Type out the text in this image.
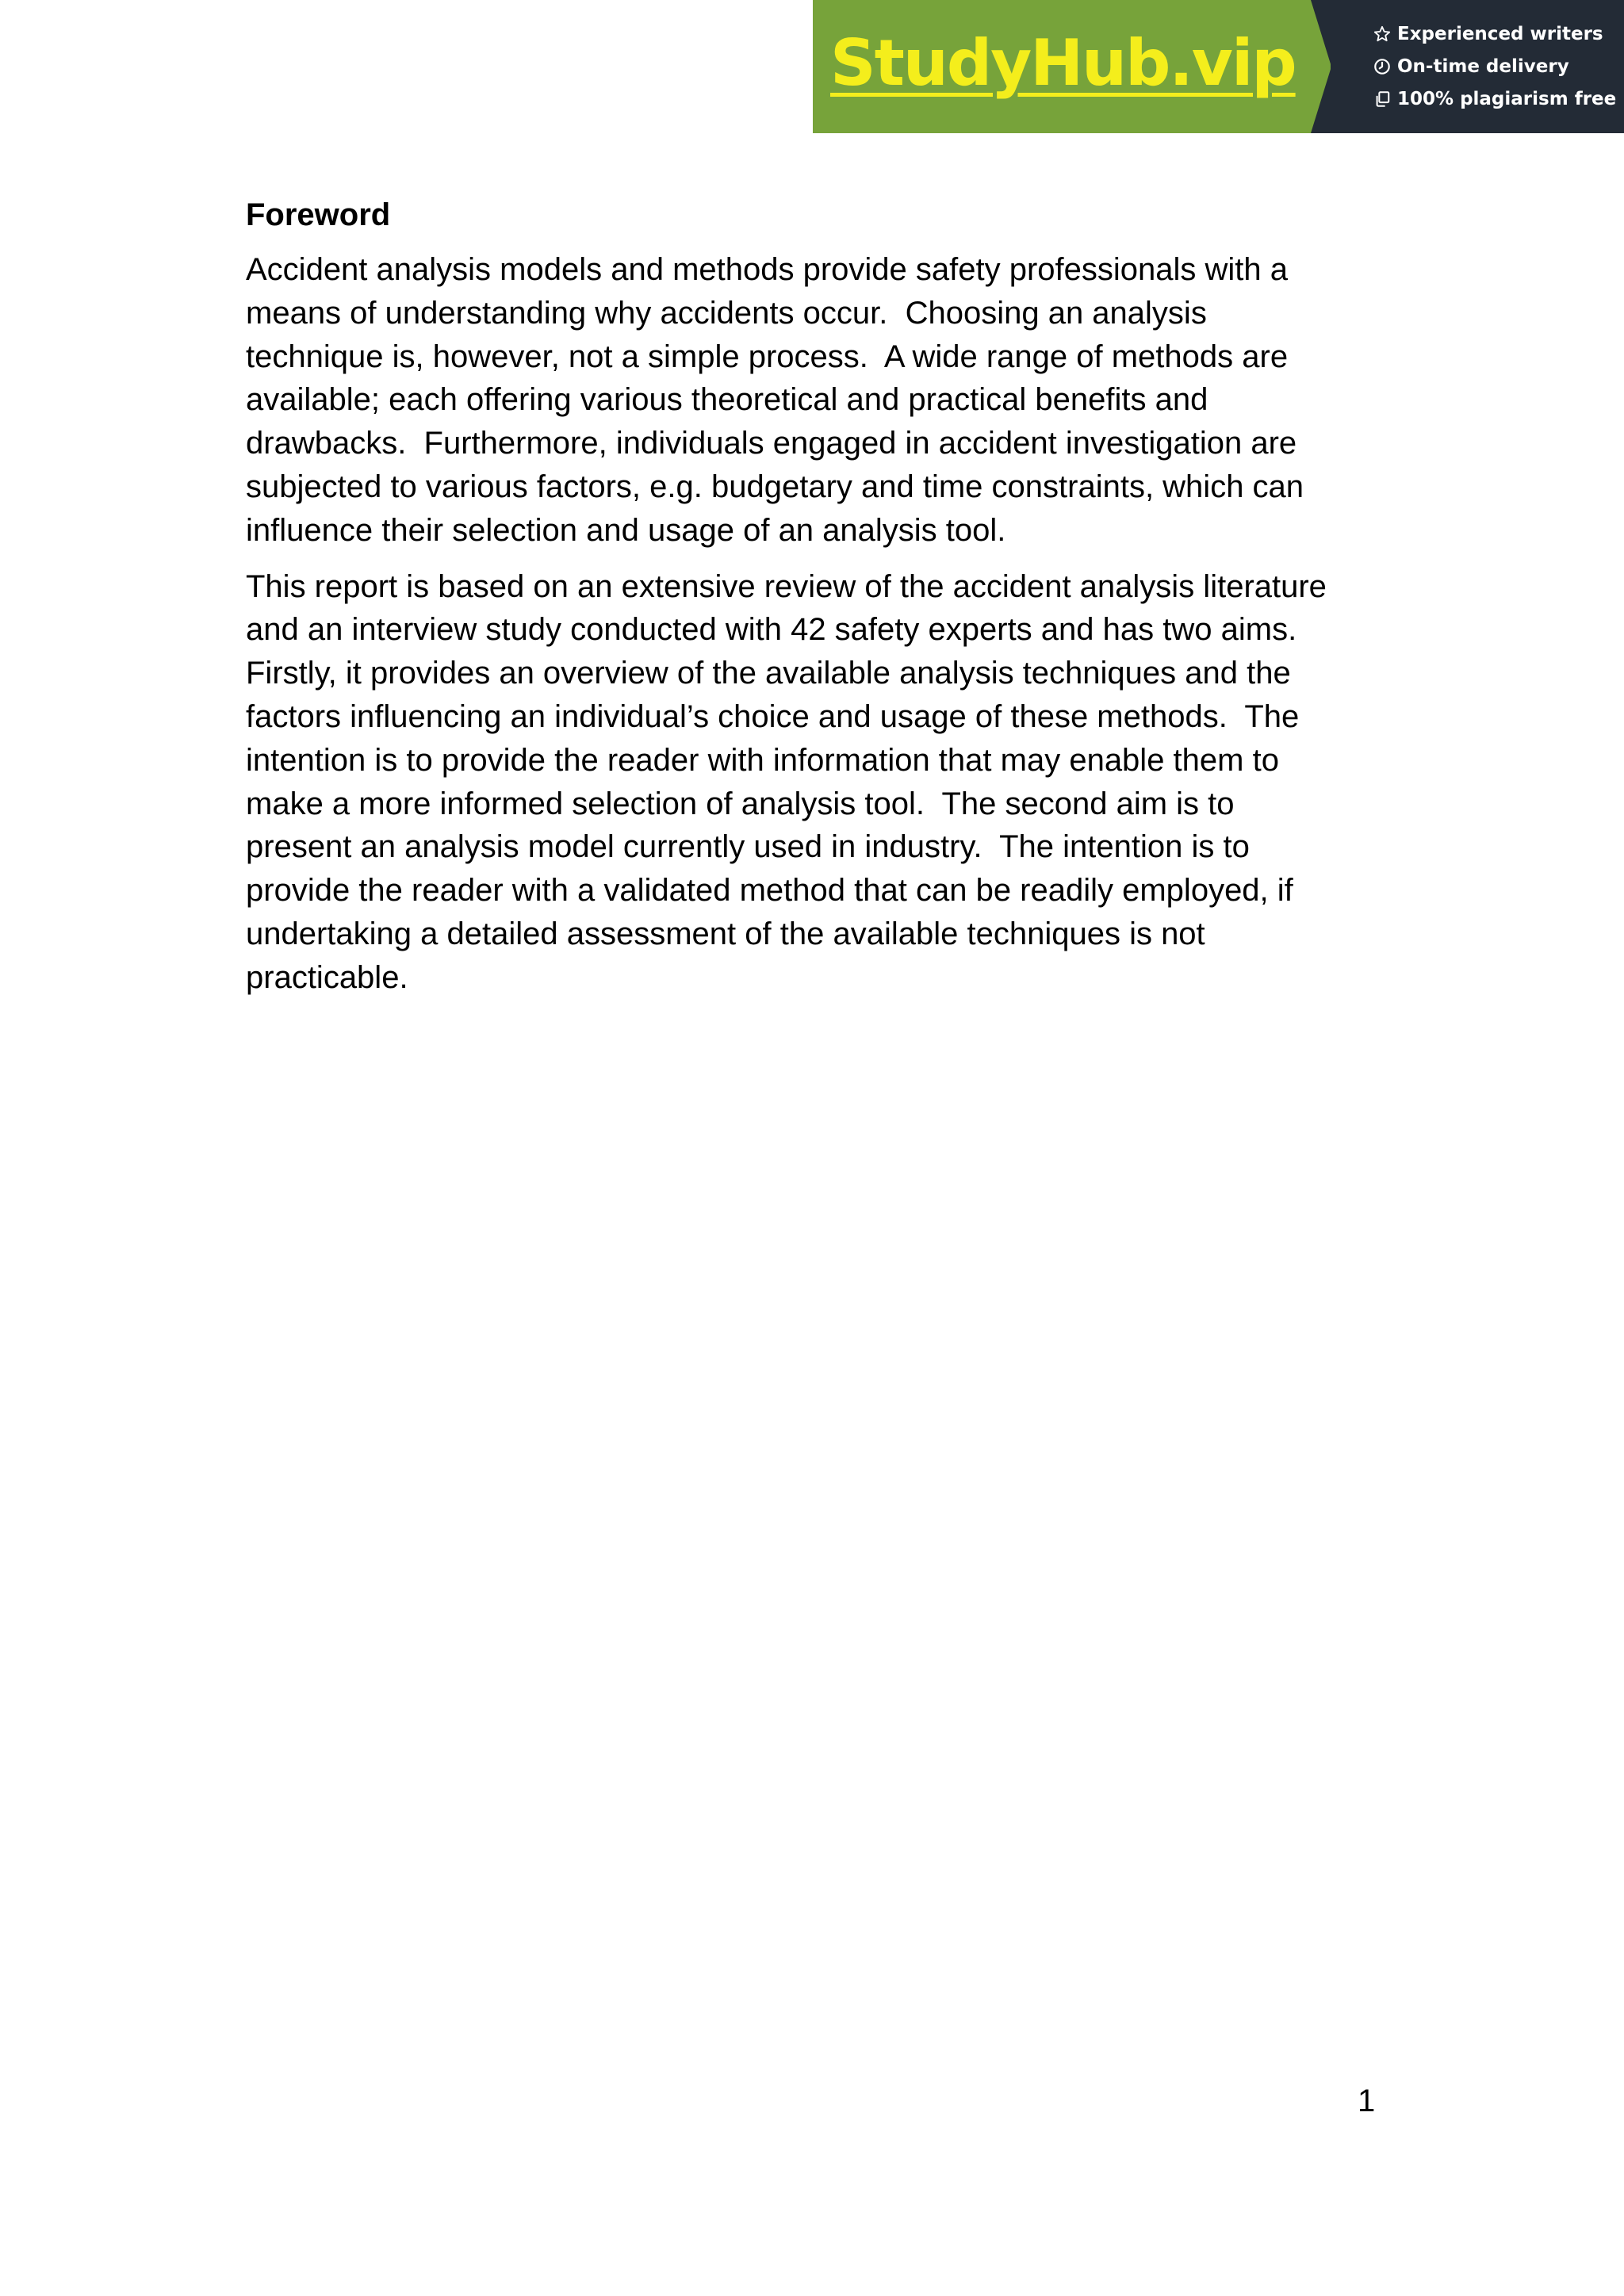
StudyHub.vip	Experienced writers
On-time delivery
100% plagiarism free
Foreword
Accident analysis models and methods provide safety professionals with a
means of understanding why accidents occur.  Choosing an analysis
technique is, however, not a simple process.  A wide range of methods are
available; each offering various theoretical and practical benefits and
drawbacks.  Furthermore, individuals engaged in accident investigation are
subjected to various factors, e.g. budgetary and time constraints, which can
influence their selection and usage of an analysis tool.
This report is based on an extensive review of the accident analysis literature
and an interview study conducted with 42 safety experts and has two aims.
Firstly, it provides an overview of the available analysis techniques and the
factors influencing an individual’s choice and usage of these methods.  The
intention is to provide the reader with information that may enable them to
make a more informed selection of analysis tool.  The second aim is to
present an analysis model currently used in industry.  The intention is to
provide the reader with a validated method that can be readily employed, if
undertaking a detailed assessment of the available techniques is not
practicable.
1
